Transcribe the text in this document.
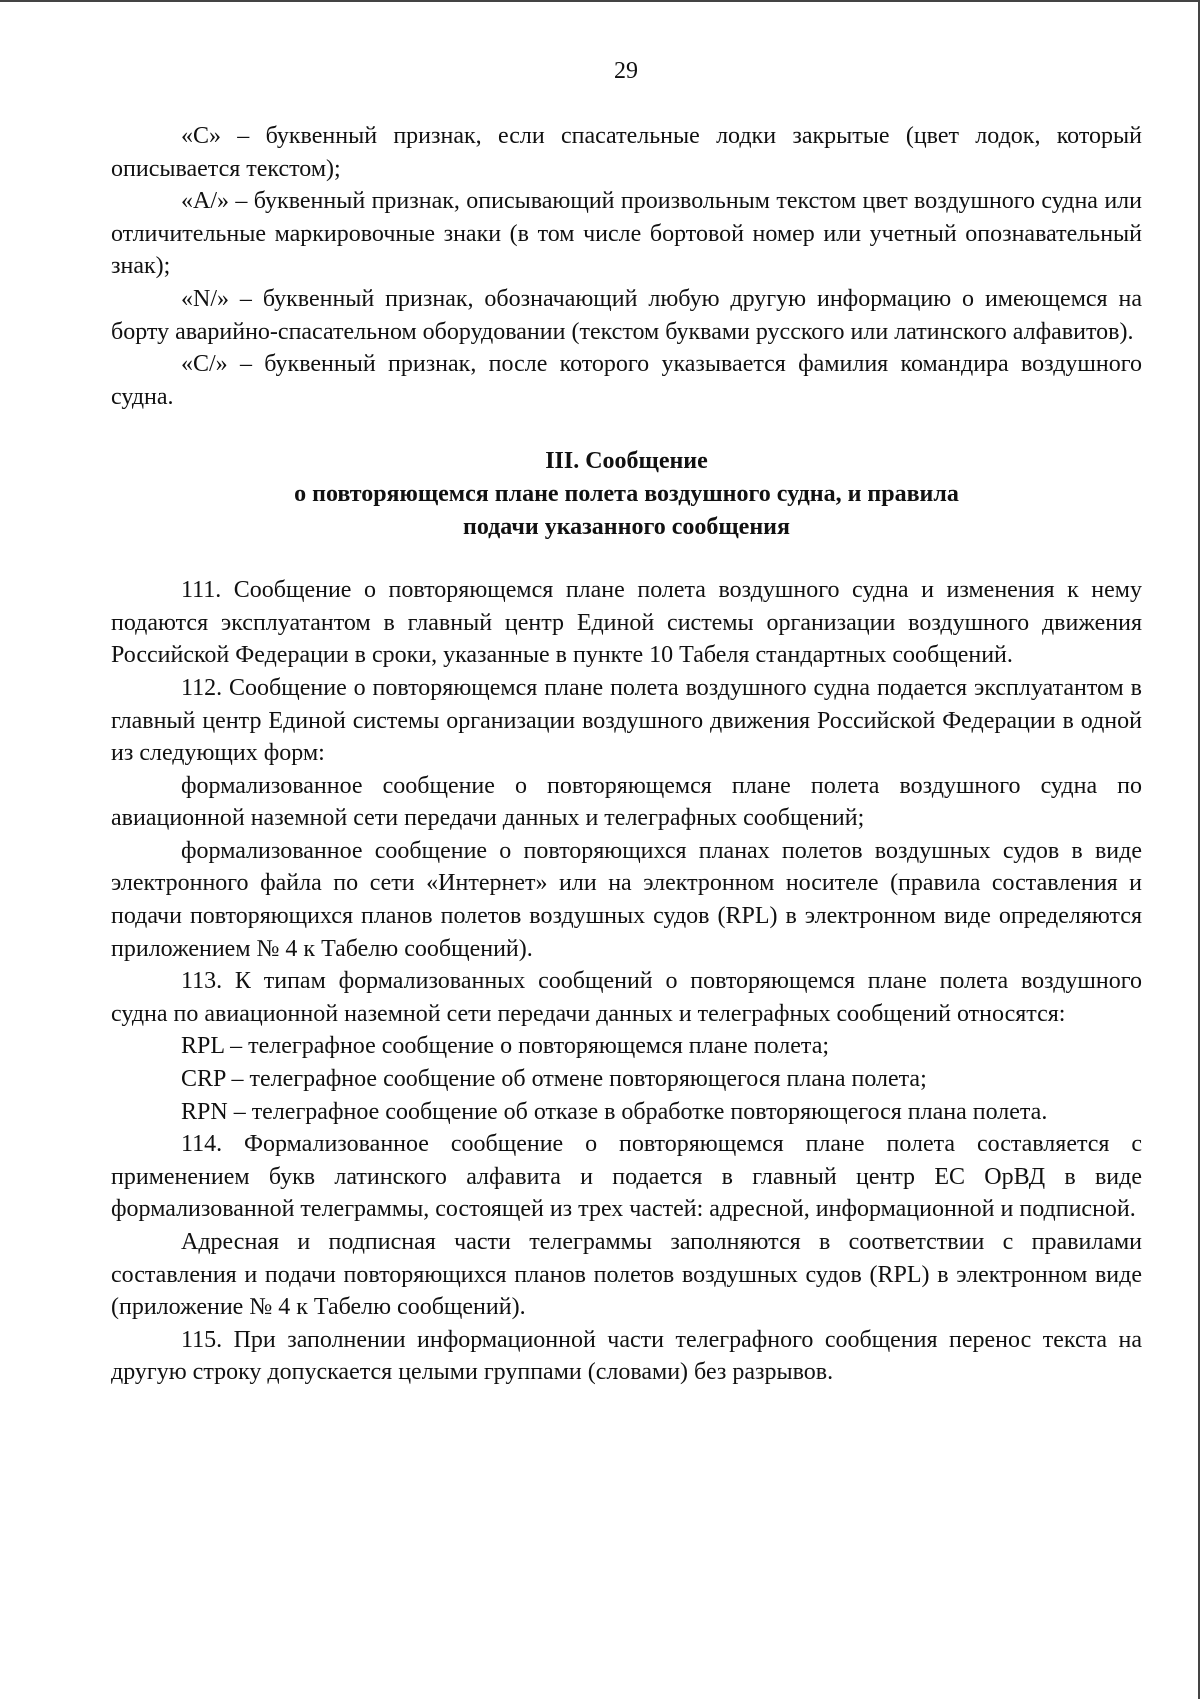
29

«C» – буквенный признак, если спасательные лодки закрытые (цвет лодок, который описывается текстом);

«A/» – буквенный признак, описывающий произвольным текстом цвет воздушного судна или отличительные маркировочные знаки (в том числе бортовой номер или учетный опознавательный знак);

«N/» – буквенный признак, обозначающий любую другую информацию о имеющемся на борту аварийно-спасательном оборудовании (текстом буквами русского или латинского алфавитов).

«C/» – буквенный признак, после которого указывается фамилия командира воздушного судна.

III. Сообщение
о повторяющемся плане полета воздушного судна, и правила
подачи указанного сообщения

111. Сообщение о повторяющемся плане полета воздушного судна и изменения к нему подаются эксплуатантом в главный центр Единой системы организации воздушного движения Российской Федерации в сроки, указанные в пункте 10 Табеля стандартных сообщений.

112. Сообщение о повторяющемся плане полета воздушного судна подается эксплуатантом в главный центр Единой системы организации воздушного движения Российской Федерации в одной из следующих форм:

формализованное сообщение о повторяющемся плане полета воздушного судна по авиационной наземной сети передачи данных и телеграфных сообщений;

формализованное сообщение о повторяющихся планах полетов воздушных судов в виде электронного файла по сети «Интернет» или на электронном носителе (правила составления и подачи повторяющихся планов полетов воздушных судов (RPL) в электронном виде определяются приложением № 4 к Табелю сообщений).

113. К типам формализованных сообщений о повторяющемся плане полета воздушного судна по авиационной наземной сети передачи данных и телеграфных сообщений относятся:

RPL – телеграфное сообщение о повторяющемся плане полета;

CRP – телеграфное сообщение об отмене повторяющегося плана полета;

RPN – телеграфное сообщение об отказе в обработке повторяющегося плана полета.

114. Формализованное сообщение о повторяющемся плане полета составляется с применением букв латинского алфавита и подается в главный центр ЕС ОрВД в виде формализованной телеграммы, состоящей из трех частей: адресной, информационной и подписной.

Адресная и подписная части телеграммы заполняются в соответствии с правилами составления и подачи повторяющихся планов полетов воздушных судов (RPL) в электронном виде (приложение № 4 к Табелю сообщений).

115. При заполнении информационной части телеграфного сообщения перенос текста на другую строку допускается целыми группами (словами) без разрывов.
